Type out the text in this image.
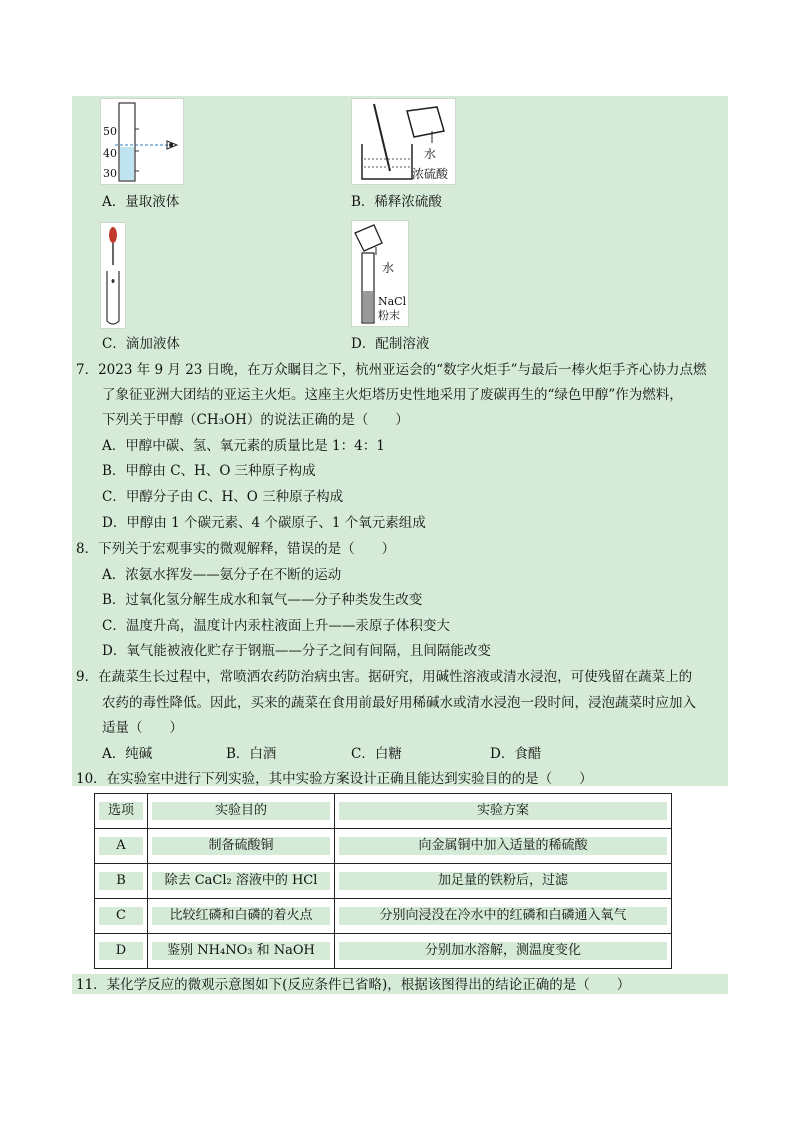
50
40
30
A．量取液体
水
浓硫酸
B．稀释浓硫酸
C．滴加液体
水
NaCl
粉末
D．配制溶液
7．2023 年 9 月 23 日晚，在万众瞩目之下，杭州亚运会的“数字火炬手”与最后一棒火炬手齐心协力点燃
了象征亚洲大团结的亚运主火炬。这座主火炬塔历史性地采用了废碳再生的“绿色甲醇”作为燃料，
下列关于甲醇（CH₃OH）的说法正确的是（　　）
A．甲醇中碳、氢、氧元素的质量比是 1：4：1
B．甲醇由 C、H、O 三种原子构成
C．甲醇分子由 C、H、O 三种原子构成
D．甲醇由 1 个碳元素、4 个碳原子、1 个氧元素组成
8．下列关于宏观事实的微观解释，错误的是（　　）
A．浓氨水挥发——氨分子在不断的运动
B．过氧化氢分解生成水和氧气——分子种类发生改变
C．温度升高，温度计内汞柱液面上升——汞原子体积变大
D．氧气能被液化贮存于钢瓶——分子之间有间隔，且间隔能改变
9．在蔬菜生长过程中，常喷洒农药防治病虫害。据研究，用碱性溶液或清水浸泡，可使残留在蔬菜上的
农药的毒性降低。因此，买来的蔬菜在食用前最好用稀碱水或清水浸泡一段时间，浸泡蔬菜时应加入
适量（　　）
A．纯碱	B．白酒	C．白糖	D．食醋
10．在实验室中进行下列实验，其中实验方案设计正确且能达到实验目的的是（　　）
选项	实验目的	实验方案

A	制备硫酸铜	向金属铜中加入适量的稀硫酸

B	除去 CaCl₂ 溶液中的 HCl	加足量的铁粉后，过滤

C	比较红磷和白磷的着火点	分别向浸没在冷水中的红磷和白磷通入氧气

D	鉴别 NH₄NO₃ 和 NaOH	分别加水溶解，测温度变化
11．某化学反应的微观示意图如下(反应条件已省略)，根据该图得出的结论正确的是（　　）
